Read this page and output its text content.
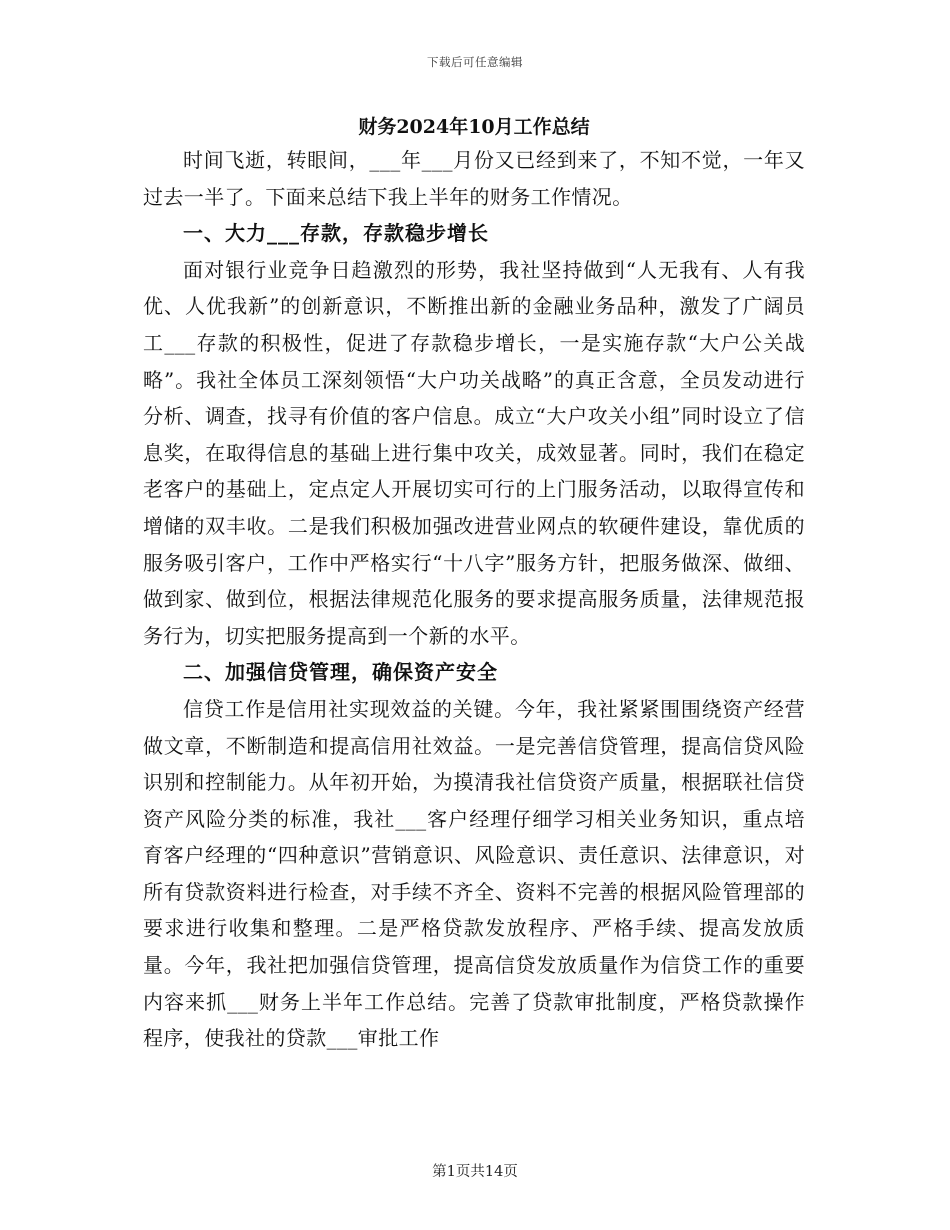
下载后可任意编辑
财务2024年10月工作总结

时间飞逝，转眼间，___年___月份又已经到来了，不知不觉，一年又过去一半了。下面来总结下我上半年的财务工作情况。

一、大力___存款，存款稳步增长

面对银行业竞争日趋激烈的形势，我社坚持做到“人无我有、人有我优、人优我新”的创新意识，不断推出新的金融业务品种，激发了广阔员工___存款的积极性，促进了存款稳步增长，一是实施存款“大户公关战略”。我社全体员工深刻领悟“大户功关战略”的真正含意，全员发动进行分析、调查，找寻有价值的客户信息。成立“大户攻关小组”同时设立了信息奖，在取得信息的基础上进行集中攻关，成效显著。同时，我们在稳定老客户的基础上，定点定人开展切实可行的上门服务活动，以取得宣传和增储的双丰收。二是我们积极加强改进营业网点的软硬件建设，靠优质的服务吸引客户，工作中严格实行“十八字”服务方针，把服务做深、做细、做到家、做到位，根据法律规范化服务的要求提高服务质量，法律规范报务行为，切实把服务提高到一个新的水平。

二、加强信贷管理，确保资产安全

信贷工作是信用社实现效益的关键。今年，我社紧紧围围绕资产经营做文章，不断制造和提高信用社效益。一是完善信贷管理，提高信贷风险识别和控制能力。从年初开始，为摸清我社信贷资产质量，根据联社信贷资产风险分类的标准，我社___客户经理仔细学习相关业务知识，重点培育客户经理的“四种意识”营销意识、风险意识、责任意识、法律意识，对所有贷款资料进行检查，对手续不齐全、资料不完善的根据风险管理部的要求进行收集和整理。二是严格贷款发放程序、严格手续、提高发放质量。今年，我社把加强信贷管理，提高信贷发放质量作为信贷工作的重要内容来抓___财务上半年工作总结。完善了贷款审批制度，严格贷款操作程序，使我社的贷款___审批工作

第1页共14页
